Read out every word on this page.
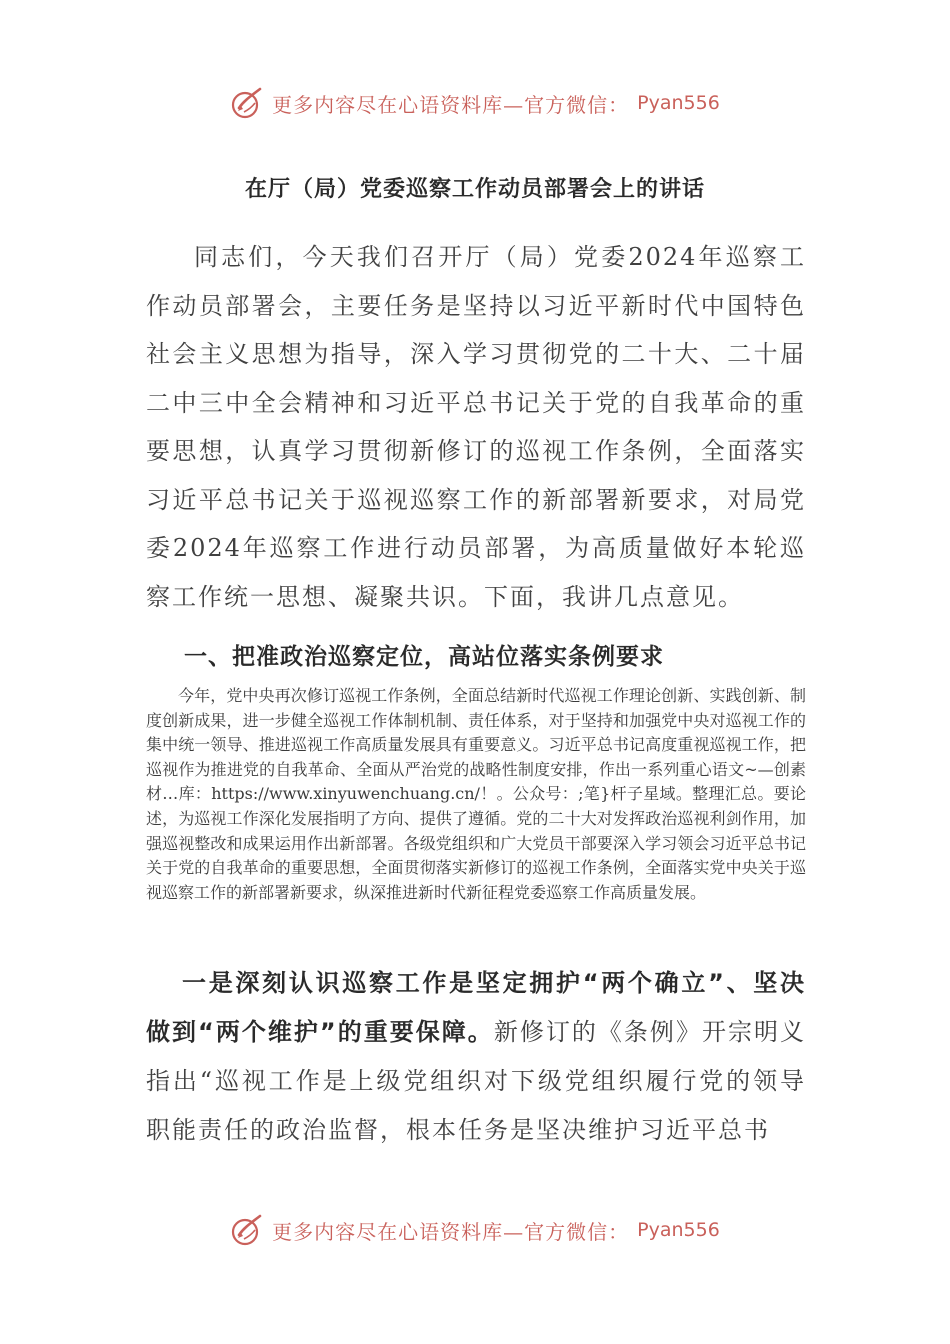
更多内容尽在心语资料库—官方微信： Pyan556
在厅（局）党委巡察工作动员部署会上的讲话
同志们，今天我们召开厅（局）党委2024年巡察工作动员部署会，主要任务是坚持以习近平新时代中国特色社会主义思想为指导，深入学习贯彻党的二十大、二十届二中三中全会精神和习近平总书记关于党的自我革命的重要思想，认真学习贯彻新修订的巡视工作条例，全面落实习近平总书记关于巡视巡察工作的新部署新要求，对局党委2024年巡察工作进行动员部署，为高质量做好本轮巡察工作统一思想、凝聚共识。下面，我讲几点意见。
一、把准政治巡察定位，高站位落实条例要求
今年，党中央再次修订巡视工作条例，全面总结新时代巡视工作理论创新、实践创新、制度创新成果，进一步健全巡视工作体制机制、责任体系，对于坚持和加强党中央对巡视工作的集中统一领导、推进巡视工作高质量发展具有重要意义。习近平总书记高度重视巡视工作，把巡视作为推进党的自我革命、全面从严治党的战略性制度安排，作出一系列重心语文~—创素材…库：https://www.xinyuwenchuang.cn/！。公众号：;笔}杆子星域。整理汇总。要论述，为巡视工作深化发展指明了方向、提供了遵循。党的二十大对发挥政治巡视利剑作用，加强巡视整改和成果运用作出新部署。各级党组织和广大党员干部要深入学习领会习近平总书记关于党的自我革命的重要思想，全面贯彻落实新修订的巡视工作条例，全面落实党中央关于巡视巡察工作的新部署新要求，纵深推进新时代新征程党委巡察工作高质量发展。
一是深刻认识巡察工作是坚定拥护“两个确立”、坚决做到“两个维护”的重要保障。新修订的《条例》开宗明义指出“巡视工作是上级党组织对下级党组织履行党的领导职能责任的政治监督，根本任务是坚决维护习近平总书
更多内容尽在心语资料库—官方微信： Pyan556
